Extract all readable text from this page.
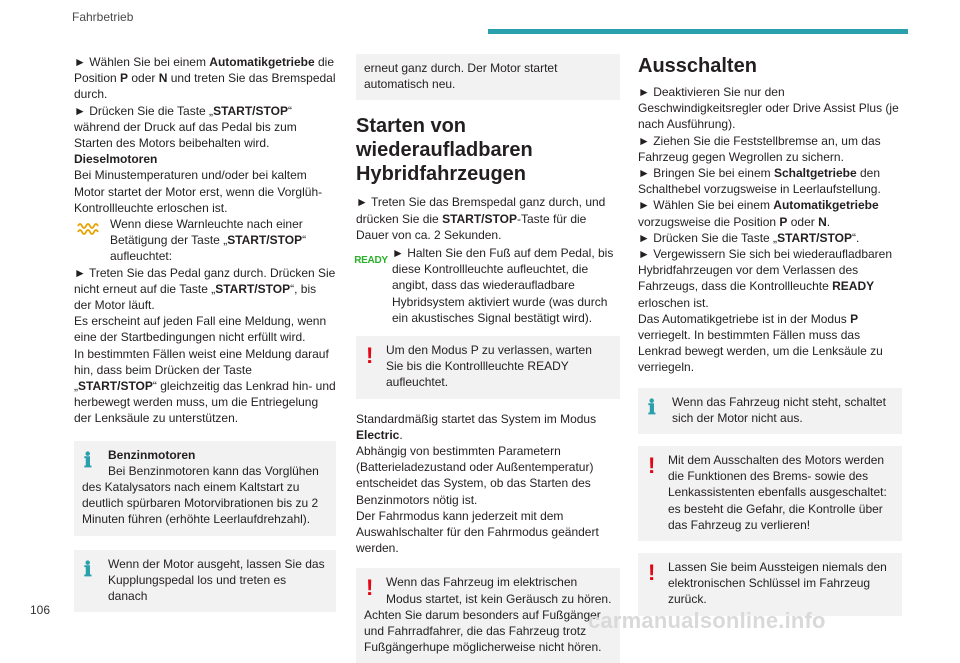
Fahrbetrieb

► Wählen Sie bei einem Automatikgetriebe die Position P oder N und treten Sie das Bremspedal durch.

► Drücken Sie die Taste „START/STOP“ während der Druck auf das Pedal bis zum Starten des Motors beibehalten wird.

Dieselmotoren

Bei Minustemperaturen und/oder bei kaltem Motor startet der Motor erst, wenn die Vorglüh-Kontrollleuchte erloschen ist.

Wenn diese Warnleuchte nach einer Betätigung der Taste „START/STOP“ aufleuchtet:

► Treten Sie das Pedal ganz durch. Drücken Sie nicht erneut auf die Taste „START/STOP“, bis der Motor läuft.

Es erscheint auf jeden Fall eine Meldung, wenn eine der Startbedingungen nicht erfüllt wird.

In bestimmten Fällen weist eine Meldung darauf hin, dass beim Drücken der Taste „START/STOP“ gleichzeitig das Lenkrad hin- und herbewegt werden muss, um die Entriegelung der Lenksäule zu unterstützen.

ℹ Benzinmotoren

Bei Benzinmotoren kann das Vorglühen des Katalysators nach einem Kaltstart zu deutlich spürbaren Motorvibrationen bis zu 2 Minuten führen (erhöhte Leerlaufdrehzahl).

ℹ Wenn der Motor ausgeht, lassen Sie das Kupplungspedal los und treten es danach

erneut ganz durch. Der Motor startet automatisch neu.

Starten von wiederaufladbaren Hybridfahrzeugen

► Treten Sie das Bremspedal ganz durch, und drücken Sie die START/STOP-Taste für die Dauer von ca. 2 Sekunden.

READY
► Halten Sie den Fuß auf dem Pedal, bis diese Kontrollleuchte aufleuchtet, die angibt, dass das wiederaufladbare Hybridsystem aktiviert wurde (was durch ein akustisches Signal bestätigt wird).
! Um den Modus P zu verlassen, warten Sie bis die Kontrollleuchte READY aufleuchtet.

Standardmäßig startet das System im Modus Electric.

Abhängig von bestimmten Parametern (Batterieladezustand oder Außentemperatur) entscheidet das System, ob das Starten des Benzinmotors nötig ist.

Der Fahrmodus kann jederzeit mit dem Auswahlschalter für den Fahrmodus geändert werden.

! Wenn das Fahrzeug im elektrischen Modus startet, ist kein Geräusch zu hören.

Achten Sie darum besonders auf Fußgänger und Fahrradfahrer, die das Fahrzeug trotz Fußgängerhupe möglicherweise nicht hören.

Ausschalten

► Deaktivieren Sie nur den Geschwindigkeitsregler oder Drive Assist Plus (je nach Ausführung).

► Ziehen Sie die Feststellbremse an, um das Fahrzeug gegen Wegrollen zu sichern.

► Bringen Sie bei einem Schaltgetriebe den Schalthebel vorzugsweise in Leerlaufstellung.

► Wählen Sie bei einem Automatikgetriebe vorzugsweise die Position P oder N.

► Drücken Sie die Taste „START/STOP“.

► Vergewissern Sie sich bei wiederaufladbaren Hybridfahrzeugen vor dem Verlassen des Fahrzeugs, dass die Kontrollleuchte READY erloschen ist.

Das Automatikgetriebe ist in der Modus P verriegelt. In bestimmten Fällen muss das Lenkrad bewegt werden, um die Lenksäule zu verriegeln.

ℹ Wenn das Fahrzeug nicht steht, schaltet sich der Motor nicht aus.

! Mit dem Ausschalten des Motors werden die Funktionen des Brems- sowie des Lenkassistenten ebenfalls ausgeschaltet: es besteht die Gefahr, die Kontrolle über das Fahrzeug zu verlieren!

! Lassen Sie beim Aussteigen niemals den elektronischen Schlüssel im Fahrzeug zurück.

106	carmanualsonline.info
